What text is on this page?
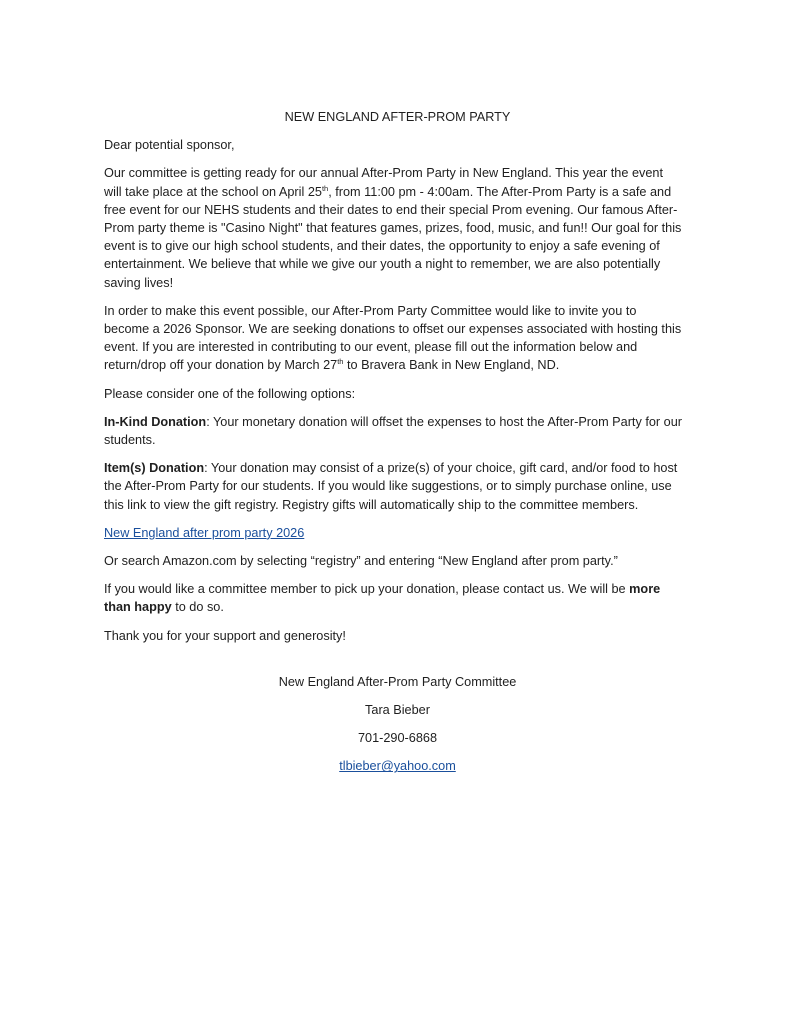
NEW ENGLAND AFTER-PROM PARTY

Dear potential sponsor,

Our committee is getting ready for our annual After-Prom Party in New England. This year the event will take place at the school on April 25th, from 11:00 pm - 4:00am. The After-Prom Party is a safe and free event for our NEHS students and their dates to end their special Prom evening. Our famous After-Prom party theme is "Casino Night" that features games, prizes, food, music, and fun!! Our goal for this event is to give our high school students, and their dates, the opportunity to enjoy a safe evening of entertainment. We believe that while we give our youth a night to remember, we are also potentially saving lives!

In order to make this event possible, our After-Prom Party Committee would like to invite you to become a 2026 Sponsor. We are seeking donations to offset our expenses associated with hosting this event. If you are interested in contributing to our event, please fill out the information below and return/drop off your donation by March 27th to Bravera Bank in New England, ND.

Please consider one of the following options:

In-Kind Donation: Your monetary donation will offset the expenses to host the After-Prom Party for our students.

Item(s) Donation: Your donation may consist of a prize(s) of your choice, gift card, and/or food to host the After-Prom Party for our students. If you would like suggestions, or to simply purchase online, use this link to view the gift registry. Registry gifts will automatically ship to the committee members.

New England after prom party 2026

Or search Amazon.com by selecting “registry” and entering “New England after prom party.”

If you would like a committee member to pick up your donation, please contact us. We will be more than happy to do so.

Thank you for your support and generosity!

New England After-Prom Party Committee

Tara Bieber

701-290-6868

tlbieber@yahoo.com
